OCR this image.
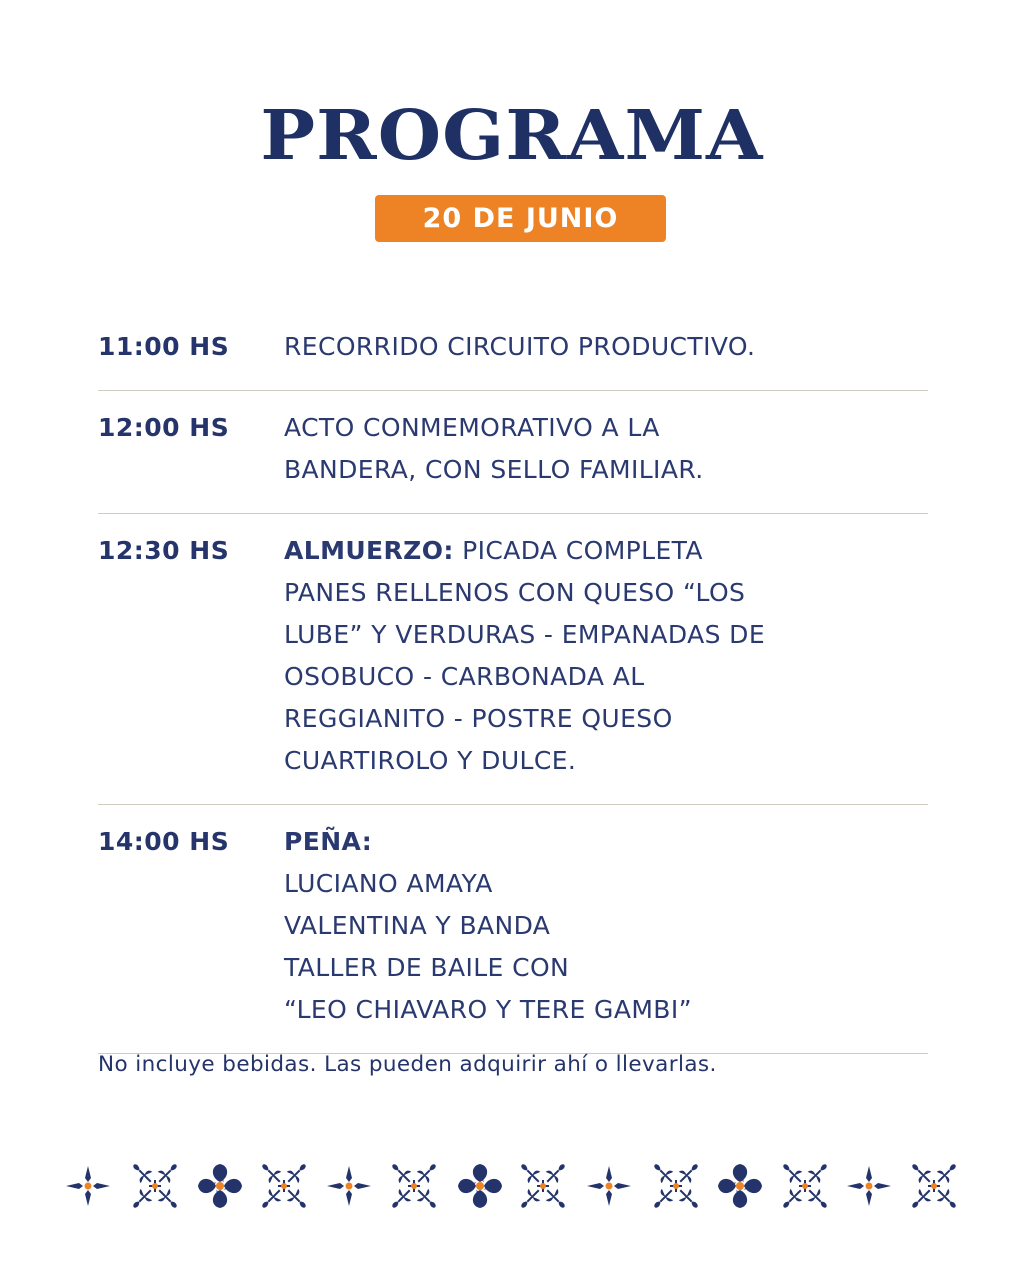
PROGRAMA
20 DE JUNIO
11:00 HS	RECORRIDO CIRCUITO PRODUCTIVO.
12:00 HS	ACTO CONMEMORATIVO A LA
BANDERA, CON SELLO FAMILIAR.
12:30 HS	ALMUERZO: PICADA COMPLETA
PANES RELLENOS CON QUESO “LOS
LUBE” Y VERDURAS - EMPANADAS DE
OSOBUCO - CARBONADA AL
REGGIANITO - POSTRE QUESO
CUARTIROLO Y DULCE.
14:00 HS	PEÑA:
LUCIANO AMAYA
VALENTINA Y BANDA
TALLER DE BAILE CON
“LEO CHIAVARO Y TERE GAMBI”
No incluye bebidas. Las pueden adquirir ahí o llevarlas.
